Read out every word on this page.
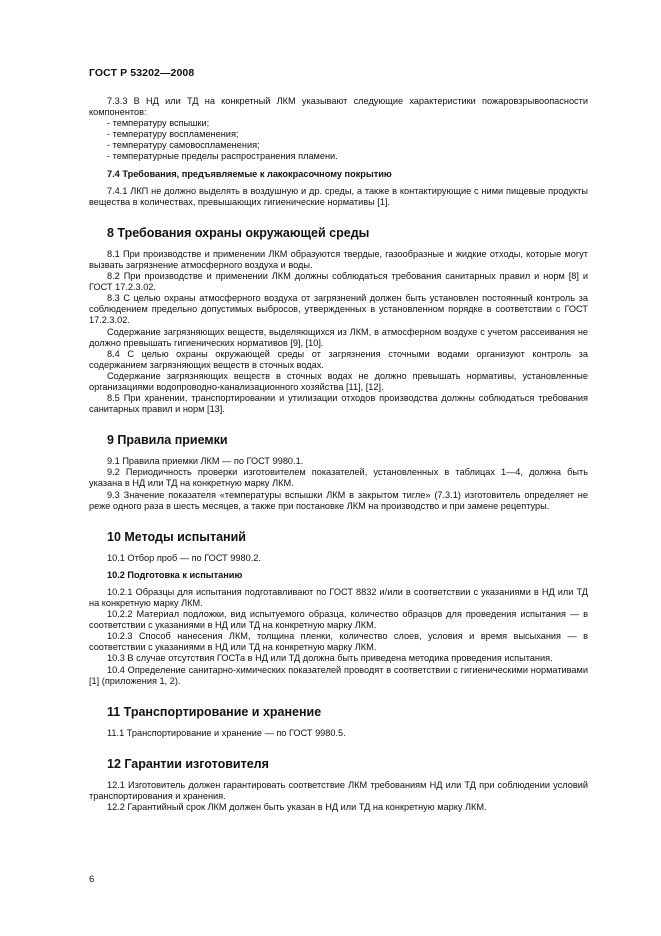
ГОСТ Р 53202—2008

7.3.3 В НД или ТД на конкретный ЛКМ указывают следующие характеристики пожаровзрывоопасности компонентов:

- температуру вспышки;
- температуру воспламенения;
- температуру самовоспламенения;
- температурные пределы распространения пламени.
7.4 Требования, предъявляемые к лакокрасочному покрытию

7.4.1 ЛКП не должно выделять в воздушную и др. среды, а также в контактирующие с ними пищевые продукты вещества в количествах, превышающих гигиенические нормативы [1].

8 Требования охраны окружающей среды

8.1 При производстве и применении ЛКМ образуются твердые, газообразные и жидкие отходы, которые могут вызвать загрязнение атмосферного воздуха и воды.

8.2 При производстве и применении ЛКМ должны соблюдаться требования санитарных правил и норм [8] и ГОСТ 17.2.3.02.

8.3 С целью охраны атмосферного воздуха от загрязнений должен быть установлен постоянный контроль за соблюдением предельно допустимых выбросов, утвержденных в установленном порядке в соответствии с ГОСТ 17.2.3.02.

Содержание загрязняющих веществ, выделяющихся из ЛКМ, в атмосферном воздухе с учетом рассеивания не должно превышать гигиенических нормативов [9], [10].

8.4 С целью охраны окружающей среды от загрязнения сточными водами организуют контроль за содержанием загрязняющих веществ в сточных водах.

Содержание загрязняющих веществ в сточных водах не должно превышать нормативы, установленные организациями водопроводно-канализационного хозяйства [11], [12].

8.5 При хранении, транспортировании и утилизации отходов производства должны соблюдаться требования санитарных правил и норм [13].

9 Правила приемки

9.1 Правила приемки ЛКМ — по ГОСТ 9980.1.

9.2 Периодичность проверки изготовителем показателей, установленных в таблицах 1—4, должна быть указана в НД или ТД на конкретную марку ЛКМ.

9.3 Значение показателя «температуры вспышки ЛКМ в закрытом тигле» (7.3.1) изготовитель определяет не реже одного раза в шесть месяцев, а также при постановке ЛКМ на производство и при замене рецептуры.

10 Методы испытаний

10.1 Отбор проб — по ГОСТ 9980.2.

10.2 Подготовка к испытанию

10.2.1 Образцы для испытания подготавливают по ГОСТ 8832 и/или в соответствии с указаниями в НД или ТД на конкретную марку ЛКМ.

10.2.2 Материал подложки, вид испытуемого образца, количество образцов для проведения испытания — в соответствии с указаниями в НД или ТД на конкретную марку ЛКМ.

10.2.3 Способ нанесения ЛКМ, толщина пленки, количество слоев, условия и время высыхания — в соответствии с указаниями в НД или ТД на конкретную марку ЛКМ.

10.3 В случае отсутствия ГОСТа в НД или ТД должна быть приведена методика проведения испытания.

10.4 Определение санитарно-химических показателей проводят в соответствии с гигиеническими нормативами [1] (приложения 1, 2).

11 Транспортирование и хранение

11.1 Транспортирование и хранение — по ГОСТ 9980.5.

12 Гарантии изготовителя

12.1 Изготовитель должен гарантировать соответствие ЛКМ требованиям НД или ТД при соблюдении условий транспортирования и хранения.

12.2 Гарантийный срок ЛКМ должен быть указан в НД или ТД на конкретную марку ЛКМ.

6
